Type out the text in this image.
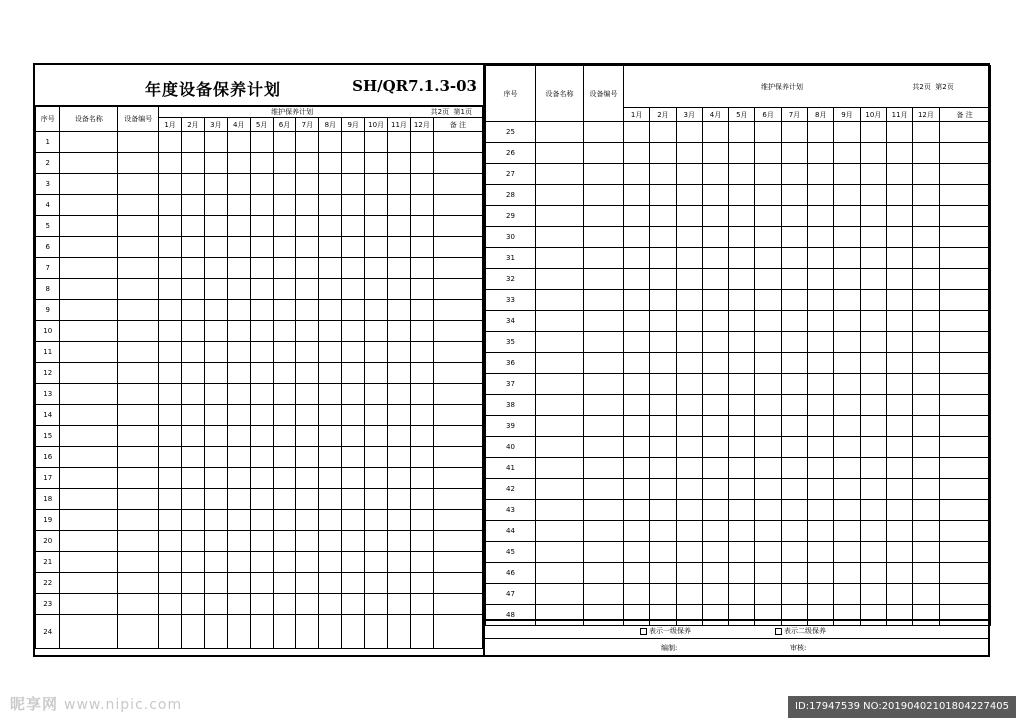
年度设备保养计划	SH/QR7.1.3-03
序号	设备名称	设备编号	维护保养计划 共2页  第1页												

			1月	2月	3月	4月	5月	6月	7月	8月	9月	10月	11月	12月	备 注
1															
2															
3															
4															
5															
6															
7															
8															
9															
10															
11															
12															
13															
14															
15															
16															
17															
18															
19															
20															
21															
22															
23															
24															
序号	设备名称	设备编号	维护保养计划 共2页  第2页												

			1月	2月	3月	4月	5月	6月	7月	8月	9月	10月	11月	12月	备 注
25															
26															
27															
28															
29															
30															
31															
32															
33															
34															
35															
36															
37															
38															
39															
40															
41															
42															
43															
44															
45															
46															
47															
48															
表示一级保养	表示二级保养
编制:	审核:
昵享网 www.nipic.com	ID:17947539 NO:20190402101804227405
